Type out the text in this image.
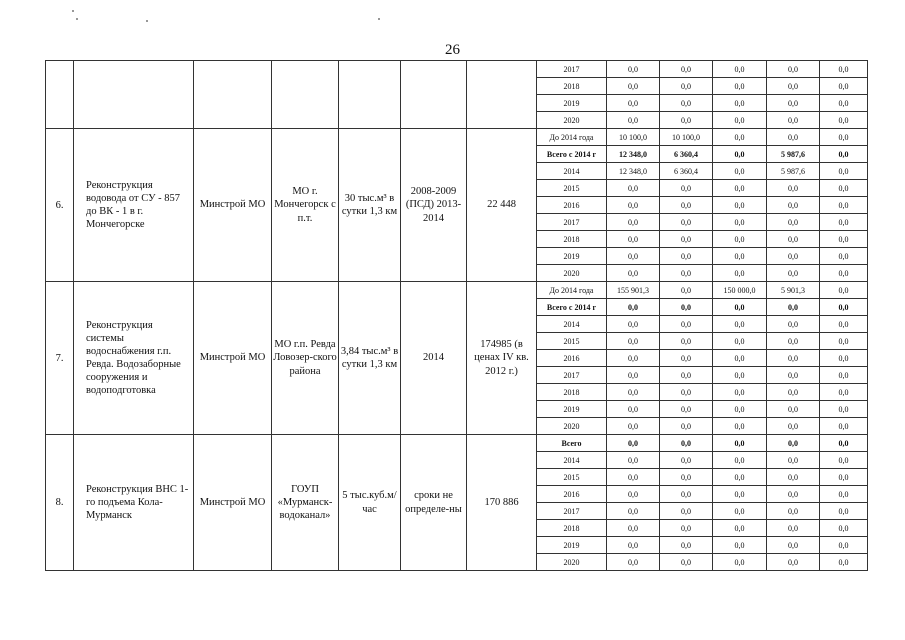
26
							2017	0,0	0,0	0,0	0,0	0,0
							2018	0,0	0,0	0,0	0,0	0,0
							2019	0,0	0,0	0,0	0,0	0,0
							2020	0,0	0,0	0,0	0,0	0,0
6.	Реконструкция водовода от СУ - 857 до ВК - 1 в г. Мончегорске	Минстрой МО	МО г. Мончегорск с п.т.	30 тыс.м³ в сутки 1,3 км	2008-2009 (ПСД) 2013-2014	22 448	До 2014 года	10 100,0	10 100,0	0,0	0,0	0,0
							Всего с 2014 г	12 348,0	6 360,4	0,0	5 987,6	0,0
							2014	12 348,0	6 360,4	0,0	5 987,6	0,0
							2015	0,0	0,0	0,0	0,0	0,0
							2016	0,0	0,0	0,0	0,0	0,0
							2017	0,0	0,0	0,0	0,0	0,0
							2018	0,0	0,0	0,0	0,0	0,0
							2019	0,0	0,0	0,0	0,0	0,0
							2020	0,0	0,0	0,0	0,0	0,0
7.	Реконструкция системы водоснабжения г.п. Ревда. Водозаборные сооружения и водоподготовка	Минстрой МО	МО г.п. Ревда Ловозер-ского района	3,84 тыс.м³ в сутки 1,3 км	2014	174985 (в ценах IV кв. 2012 г.)	До 2014 года	155 901,3	0,0	150 000,0	5 901,3	0,0
							Всего с 2014 г	0,0	0,0	0,0	0,0	0,0
							2014	0,0	0,0	0,0	0,0	0,0
							2015	0,0	0,0	0,0	0,0	0,0
							2016	0,0	0,0	0,0	0,0	0,0
							2017	0,0	0,0	0,0	0,0	0,0
							2018	0,0	0,0	0,0	0,0	0,0
							2019	0,0	0,0	0,0	0,0	0,0
							2020	0,0	0,0	0,0	0,0	0,0
8.	Реконструкция ВНС 1-го подъема Кола-Мурманск	Минстрой МО	ГОУП «Мурманск-водоканал»	5 тыс.куб.м/час	сроки не определе-ны	170 886	Всего	0,0	0,0	0,0	0,0	0,0
							2014	0,0	0,0	0,0	0,0	0,0
							2015	0,0	0,0	0,0	0,0	0,0
							2016	0,0	0,0	0,0	0,0	0,0
							2017	0,0	0,0	0,0	0,0	0,0
							2018	0,0	0,0	0,0	0,0	0,0
							2019	0,0	0,0	0,0	0,0	0,0
							2020	0,0	0,0	0,0	0,0	0,0
